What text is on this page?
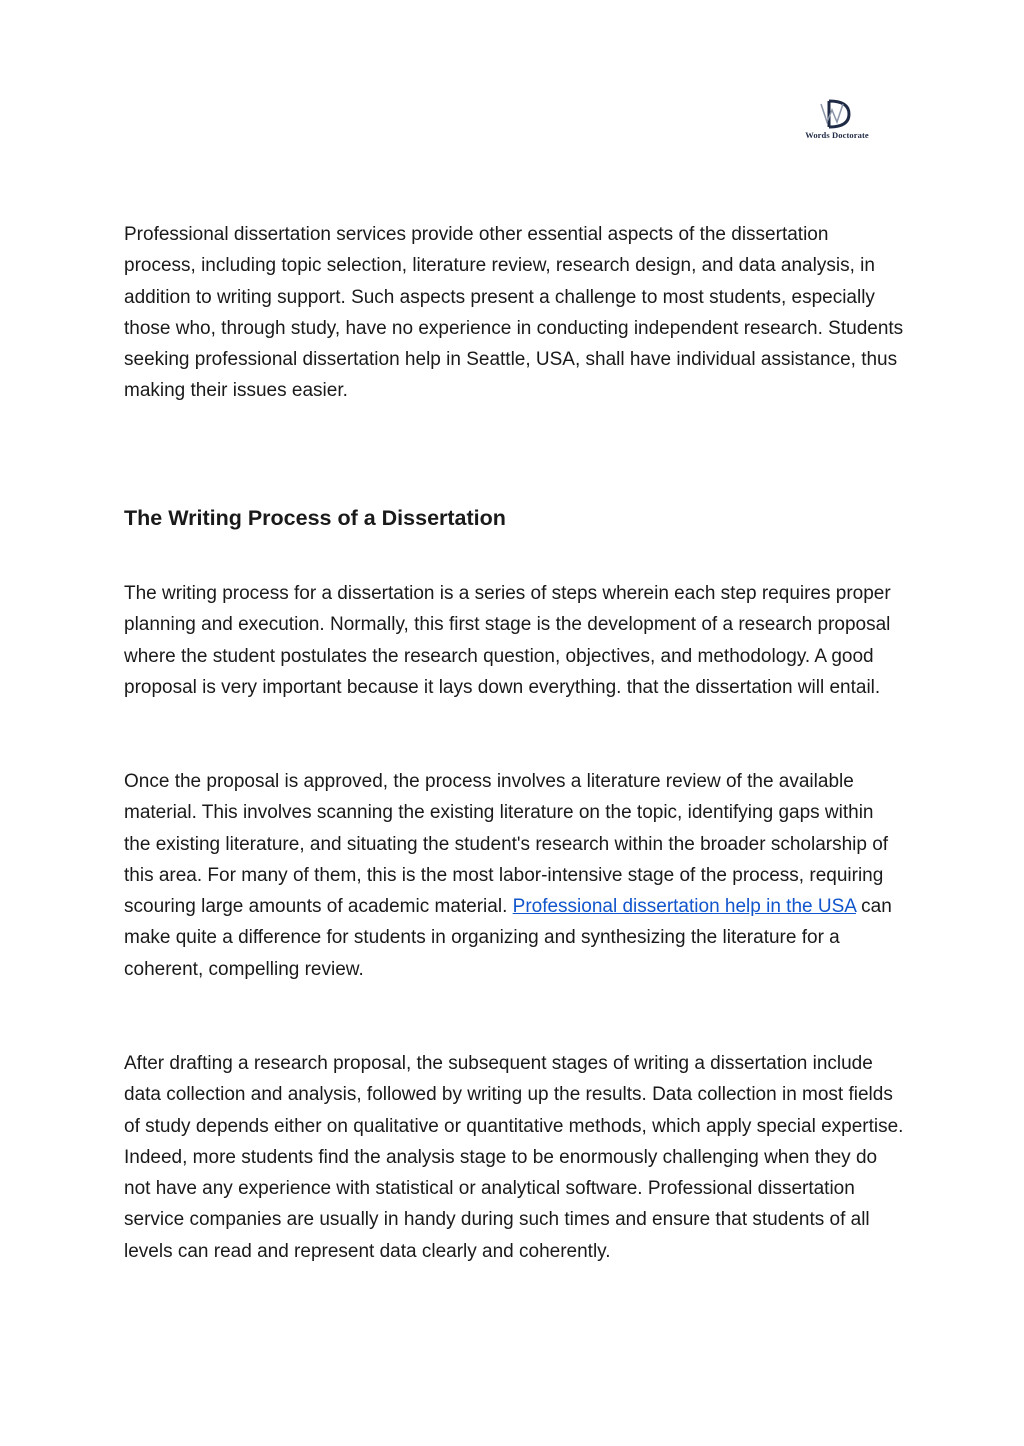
Words Doctorate

Professional dissertation services provide other essential aspects of the dissertation process, including topic selection, literature review, research design, and data analysis, in addition to writing support. Such aspects present a challenge to most students, especially those who, through study, have no experience in conducting independent research. Students seeking professional dissertation help in Seattle, USA, shall have individual assistance, thus making their issues easier.

The Writing Process of a Dissertation

The writing process for a dissertation is a series of steps wherein each step requires proper planning and execution. Normally, this first stage is the development of a research proposal where the student postulates the research question, objectives, and methodology. A good proposal is very important because it lays down everything. that the dissertation will entail.

Once the proposal is approved, the process involves a literature review of the available material. This involves scanning the existing literature on the topic, identifying gaps within the existing literature, and situating the student's research within the broader scholarship of this area. For many of them, this is the most labor-intensive stage of the process, requiring scouring large amounts of academic material. Professional dissertation help in the USA can make quite a difference for students in organizing and synthesizing the literature for a coherent, compelling review.

After drafting a research proposal, the subsequent stages of writing a dissertation include data collection and analysis, followed by writing up the results. Data collection in most fields of study depends either on qualitative or quantitative methods, which apply special expertise. Indeed, more students find the analysis stage to be enormously challenging when they do not have any experience with statistical or analytical software. Professional dissertation service companies are usually in handy during such times and ensure that students of all levels can read and represent data clearly and coherently.
